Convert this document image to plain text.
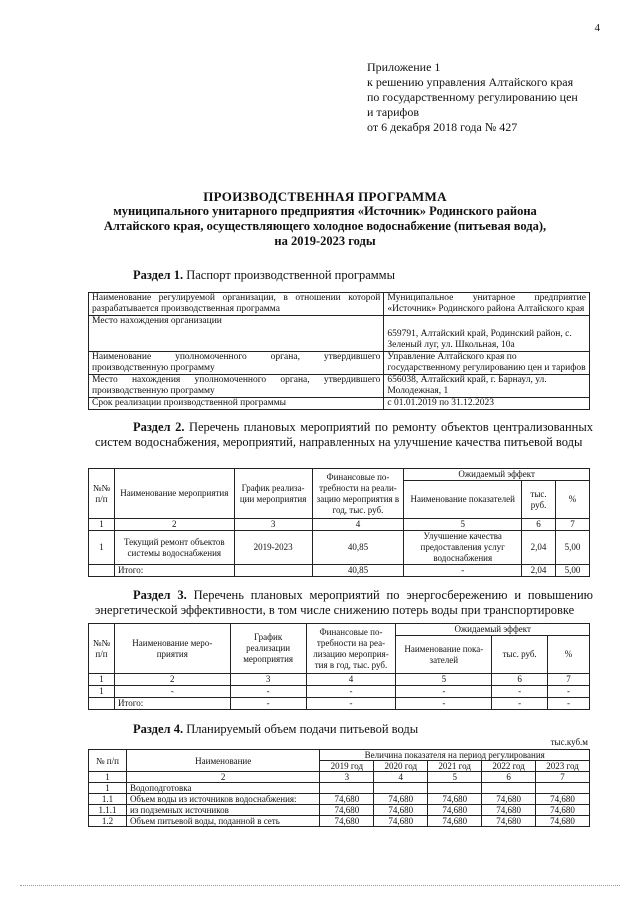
4
Приложение 1
к решению управления Алтайского края
по государственному регулированию цен
и тарифов
от 6 декабря 2018 года № 427
ПРОИЗВОДСТВЕННАЯ ПРОГРАММА
муниципального унитарного предприятия «Источник» Родинского района
Алтайского края, осуществляющего холодное водоснабжение (питьевая вода),
на 2019-2023 годы
Раздел 1. Паспорт производственной программы
Наименование регулируемой организации, в отношении которой разрабатывается производственная программа	Муниципальное унитарное предприятие «Источник» Родинского района Алтайского края
Место нахождения организации	659791, Алтайский край, Родинский район, с. Зеленый луг, ул. Школьная, 10а
Наименование уполномоченного органа, утвердившего производственную программу	Управление Алтайского края по государственному регулированию цен и тарифов
Место нахождения уполномоченного органа, утвердившего производственную программу	656038, Алтайский край, г. Барнаул, ул. Молодежная, 1
Срок реализации производственной программы	с 01.01.2019 по 31.12.2023
Раздел 2. Перечень плановых мероприятий по ремонту объектов централизованных систем водоснабжения, мероприятий, направленных на улучшение качества питьевой воды
№№ п/п	Наименование мероприятия	График реализа-ции мероприятия	Финансовые по-требности на реали-зацию мероприятия в год, тыс. руб.	Ожидаемый эффект		
				Наименование показателей	тыс. руб.	%
1	2	3	4	5	6	7
1	Текущий ремонт объектов системы водоснабжения	2019-2023	40,85	Улучшение качества предоставления услуг водоснабжения	2,04	5,00
	Итого:		40,85	-	2,04	5,00
Раздел 3. Перечень плановых мероприятий по энергосбережению и повышению энергетической эффективности, в том числе снижению потерь воды при транспортировке
№№ п/п	Наименование меро-приятия	График реализации мероприятия	Финансовые по-требности на реа-лизацию мероприя-тия в год, тыс. руб.	Ожидаемый эффект		
				Наименование пока-зателей	тыс. руб.	%
1	2	3	4	5	6	7
1	-	-	-	-	-	-
	Итого:	-	-	-	-	-
Раздел 4. Планируемый объем подачи питьевой воды
тыс.куб.м
№ п/п	Наименование	Величина показателя на период регулирования				
		2019 год	2020 год	2021 год	2022 год	2023 год
1	2	3	4	5	6	7
1	Водоподготовка					
1.1	Объем воды из источников водоснабжения:	74,680	74,680	74,680	74,680	74,680
1.1.1	из подземных источников	74,680	74,680	74,680	74,680	74,680
1.2	Объем питьевой воды, поданной в сеть	74,680	74,680	74,680	74,680	74,680
